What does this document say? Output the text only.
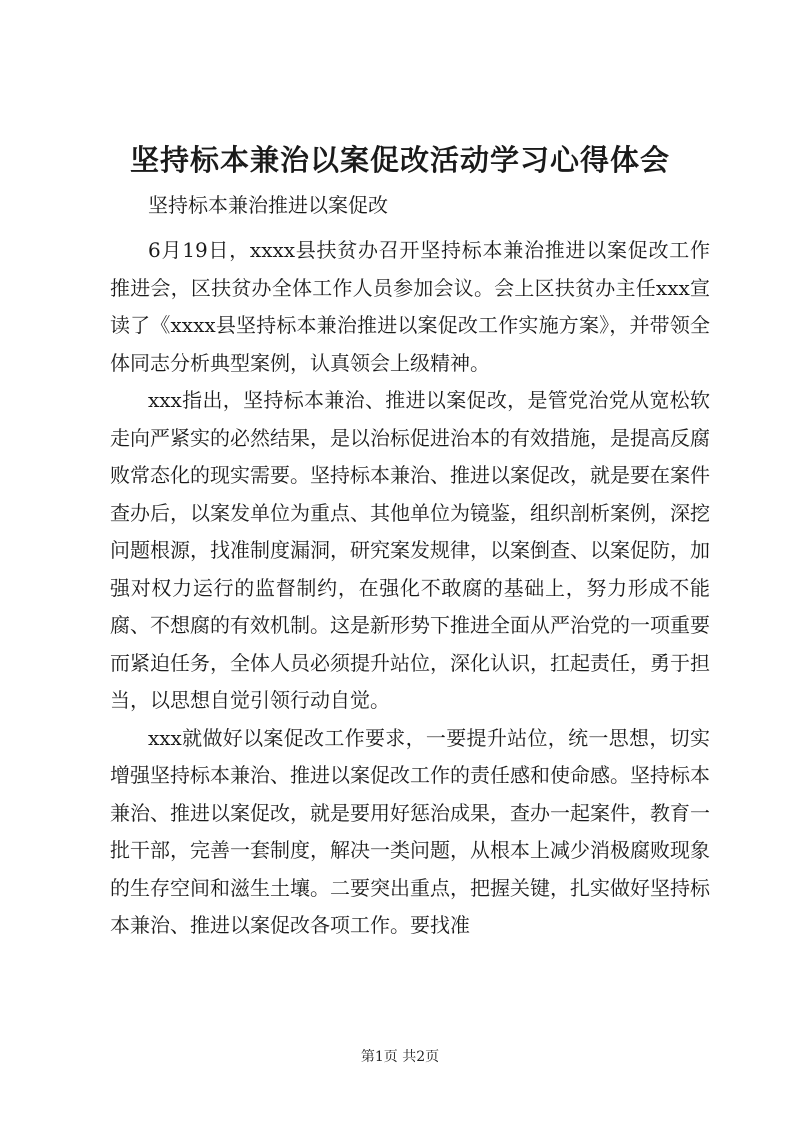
坚持标本兼治以案促改活动学习心得体会

坚持标本兼治推进以案促改

6月19日，xxxx县扶贫办召开坚持标本兼治推进以案促改工作推进会，区扶贫办全体工作人员参加会议。会上区扶贫办主任xxx宣读了《xxxx县坚持标本兼治推进以案促改工作实施方案》，并带领全体同志分析典型案例，认真领会上级精神。

xxx指出，坚持标本兼治、推进以案促改，是管党治党从宽松软走向严紧实的必然结果，是以治标促进治本的有效措施，是提高反腐败常态化的现实需要。坚持标本兼治、推进以案促改，就是要在案件查办后，以案发单位为重点、其他单位为镜鉴，组织剖析案例，深挖问题根源，找准制度漏洞，研究案发规律，以案倒查、以案促防，加强对权力运行的监督制约，在强化不敢腐的基础上，努力形成不能腐、不想腐的有效机制。这是新形势下推进全面从严治党的一项重要而紧迫任务，全体人员必须提升站位，深化认识，扛起责任，勇于担当，以思想自觉引领行动自觉。

xxx就做好以案促改工作要求，一要提升站位，统一思想，切实增强坚持标本兼治、推进以案促改工作的责任感和使命感。坚持标本兼治、推进以案促改，就是要用好惩治成果，查办一起案件，教育一批干部，完善一套制度，解决一类问题，从根本上减少消极腐败现象的生存空间和滋生土壤。二要突出重点，把握关键，扎实做好坚持标本兼治、推进以案促改各项工作。要找准

第1页 共2页
